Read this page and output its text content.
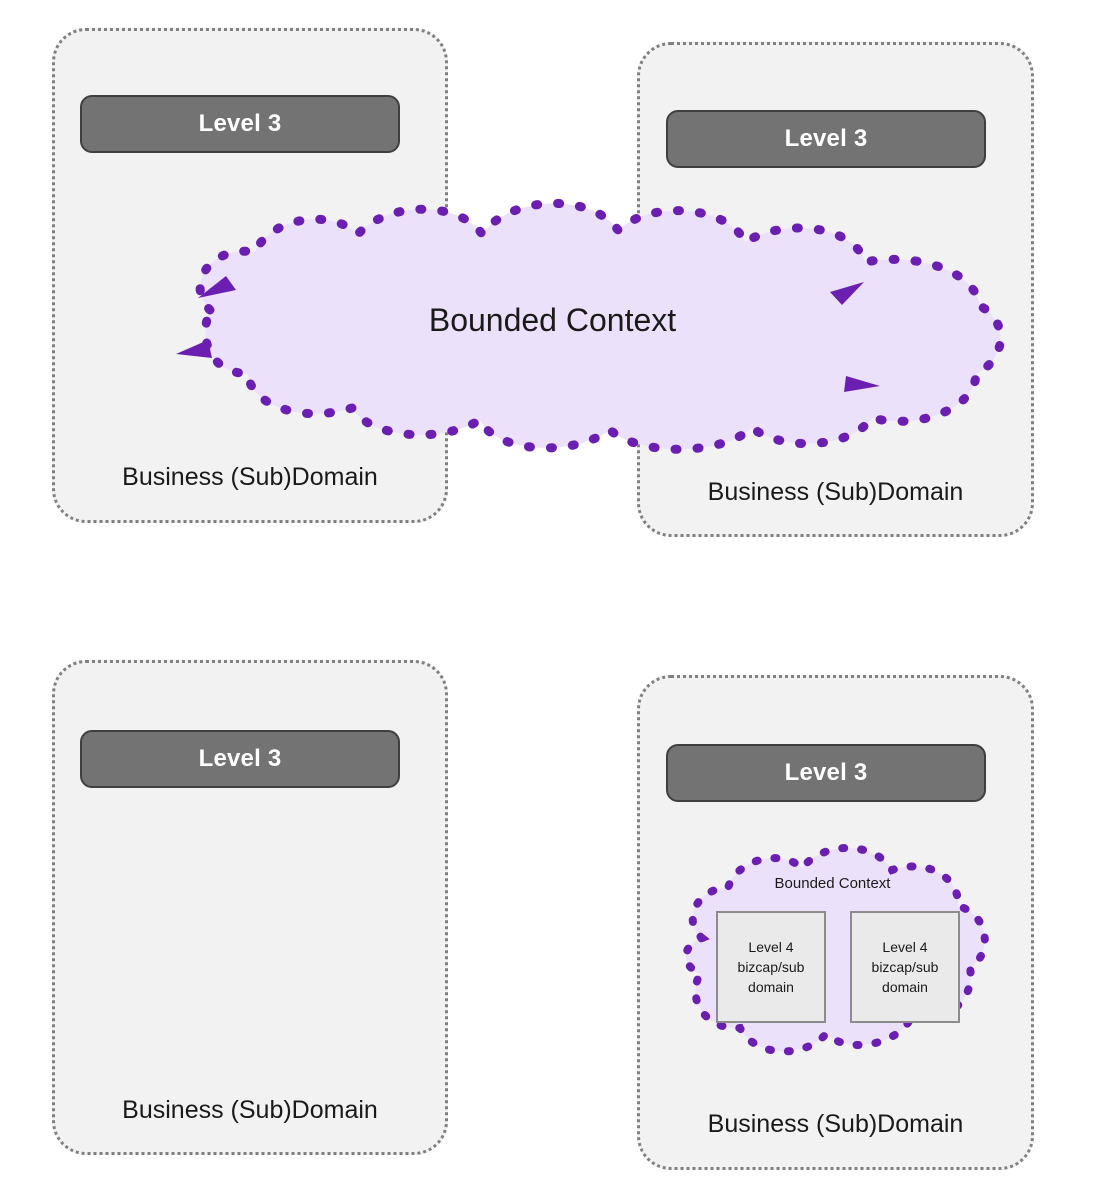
Level 3
Business (Sub)Domain
Level 3
Business (Sub)Domain
Bounded Context
Level 3
Business (Sub)Domain
Level 3
Business (Sub)Domain
Bounded Context
Level 4
bizcap/sub
domain
Level 4
bizcap/sub
domain
